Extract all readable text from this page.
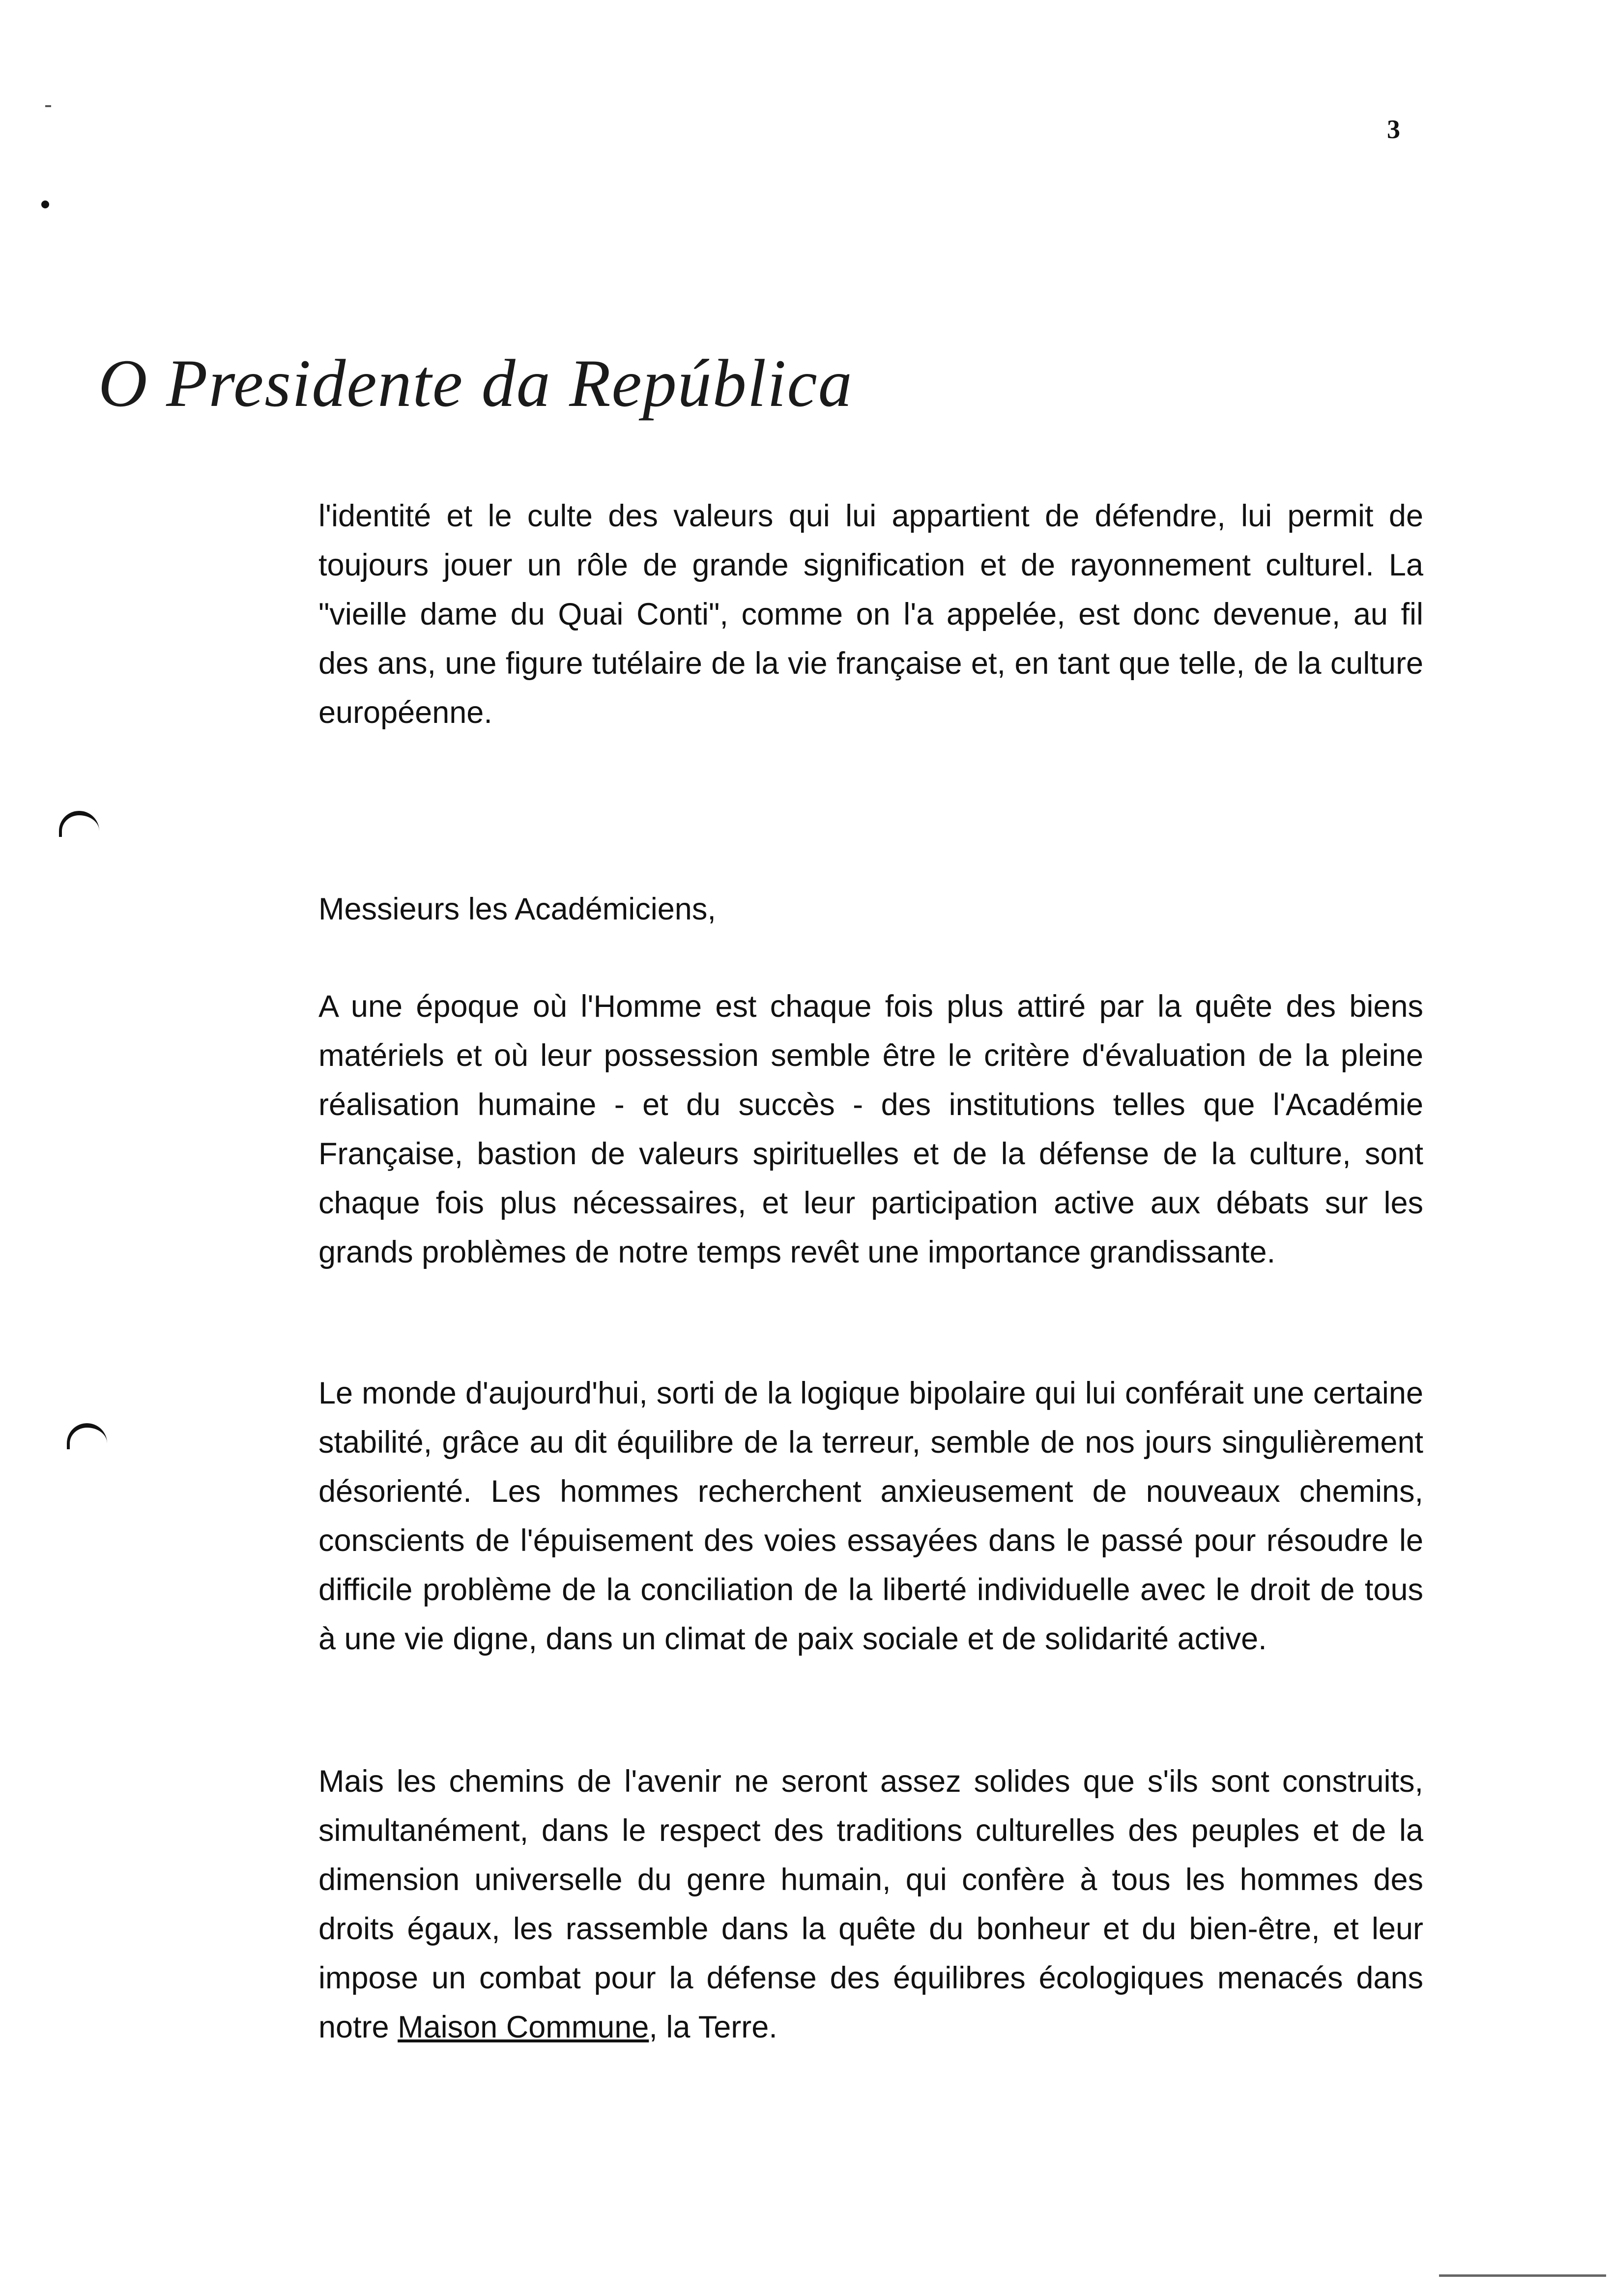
3
O Presidente da República

l'identité et le culte des valeurs qui lui appartient de défendre, lui permit de toujours jouer un rôle de grande signification et de rayonnement culturel. La "vieille dame du Quai Conti", comme on l'a appelée, est donc devenue, au fil des ans, une figure tutélaire de la vie française et, en tant que telle, de la culture européenne.

Messieurs les Académiciens,

A une époque où l'Homme est chaque fois plus attiré par la quête des biens matériels et où leur possession semble être le critère d'évaluation de la pleine réalisation humaine - et du succès - des institutions telles que l'Académie Française, bastion de valeurs spirituelles et de la défense de la culture, sont chaque fois plus nécessaires, et leur participation active aux débats sur les grands problèmes de notre temps revêt une importance grandissante.

Le monde d'aujourd'hui, sorti de la logique bipolaire qui lui conférait une certaine stabilité, grâce au dit équilibre de la terreur, semble de nos jours singulièrement désorienté. Les hommes recherchent anxieusement de nouveaux chemins, conscients de l'épuisement des voies essayées dans le passé pour résoudre le difficile problème de la conciliation de la liberté individuelle avec le droit de tous à une vie digne, dans un climat de paix sociale et de solidarité active.

Mais les chemins de l'avenir ne seront assez solides que s'ils sont construits, simultanément, dans le respect des traditions culturelles des peuples et de la dimension universelle du genre humain, qui confère à tous les hommes des droits égaux, les rassemble dans la quête du bonheur et du bien-être, et leur impose un combat pour la défense des équilibres écologiques menacés dans notre Maison Commune, la Terre.
